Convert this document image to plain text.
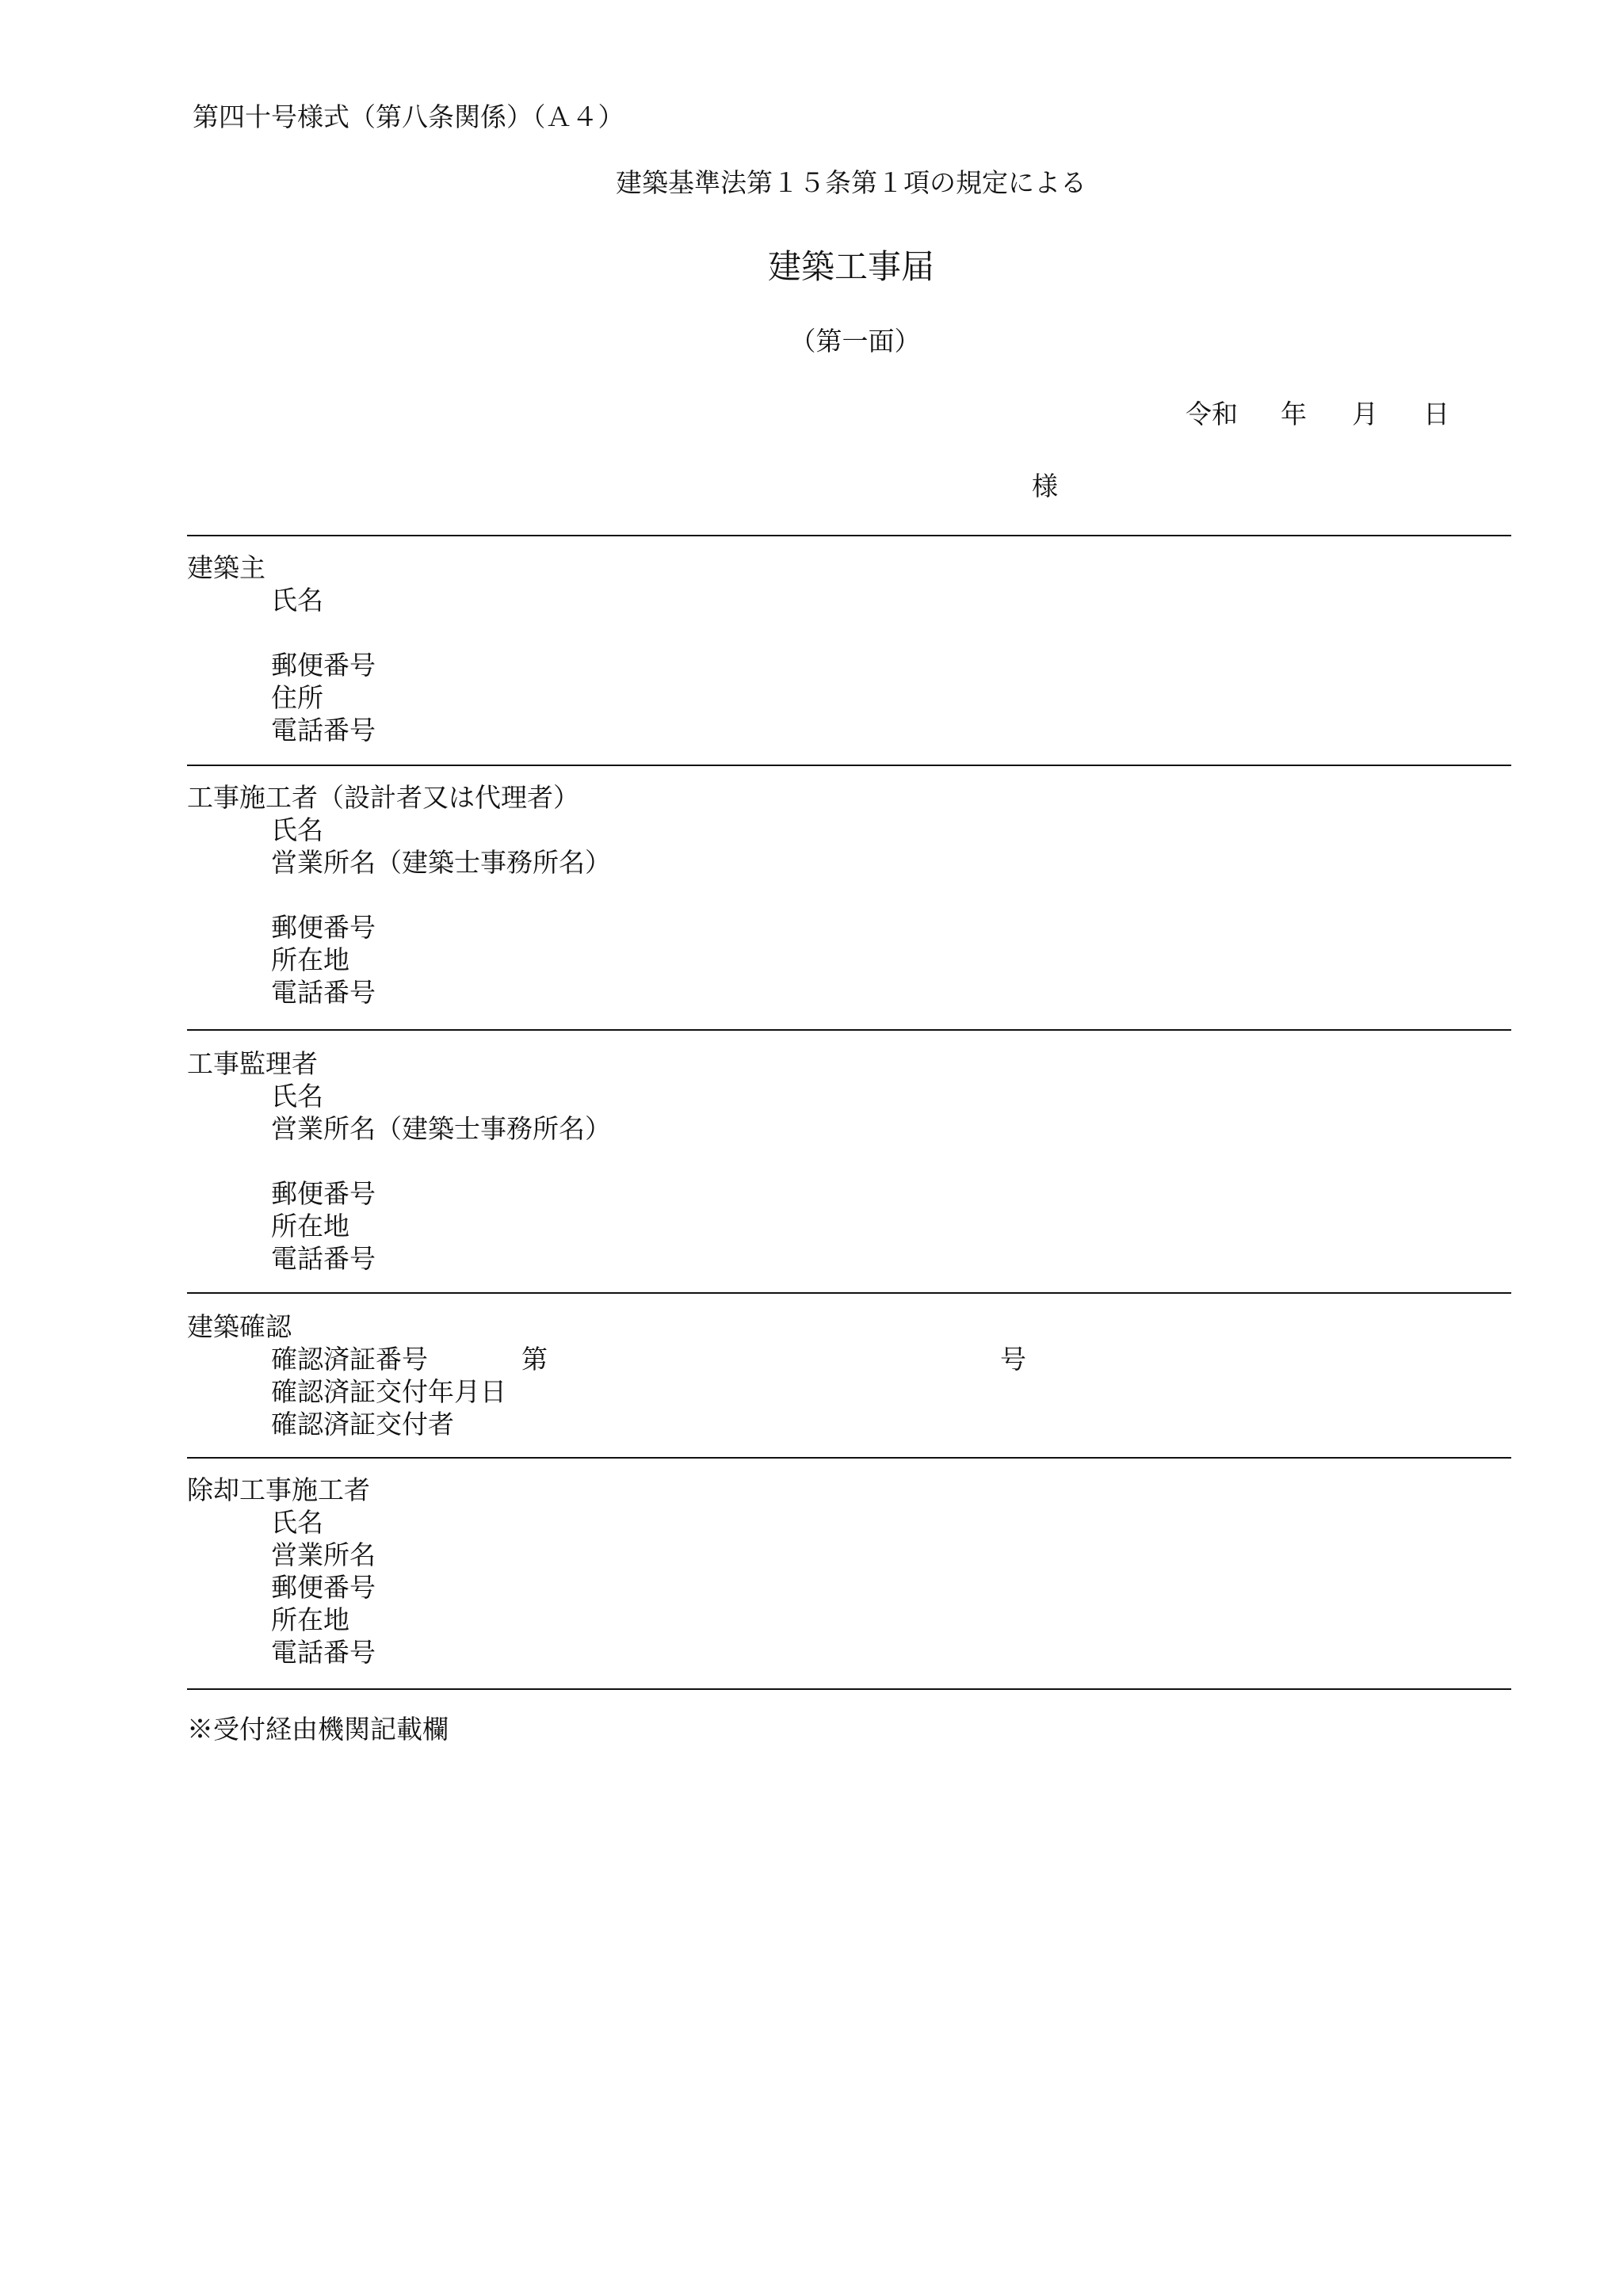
第四十号様式（第八条関係）（Ａ４）
建築基準法第１５条第１項の規定による
建築工事届
（第一面）
令和 年 月 日
様
建築主
氏名
郵便番号
住所
電話番号
工事施工者（設計者又は代理者）
氏名
営業所名（建築士事務所名）
郵便番号
所在地
電話番号
工事監理者
氏名
営業所名（建築士事務所名）
郵便番号
所在地
電話番号
建築確認
確認済証番号	第	号
確認済証交付年月日
確認済証交付者
除却工事施工者
氏名
営業所名
郵便番号
所在地
電話番号
※受付経由機関記載欄
